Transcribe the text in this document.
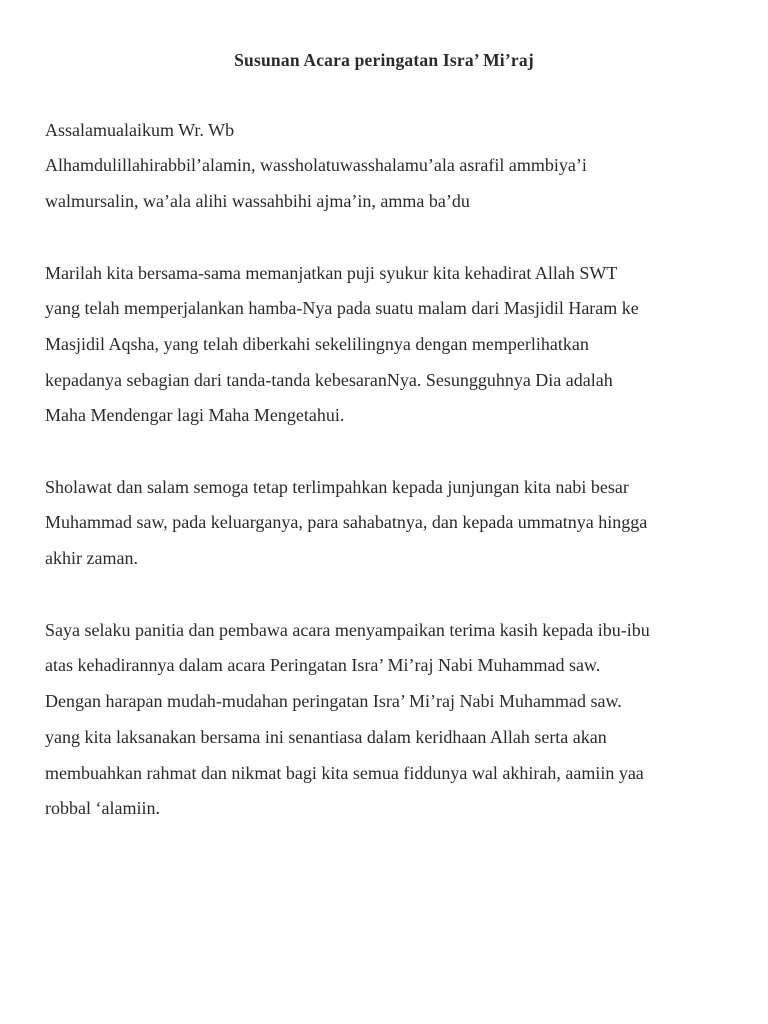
Susunan Acara peringatan Isra’ Mi’raj
Assalamualaikum Wr. Wb
Alhamdulillahirabbil’alamin, wassholatuwasshalamu’ala asrafil ammbiya’i
walmursalin, wa’ala alihi wassahbihi ajma’in, amma ba’du
Marilah kita bersama-sama memanjatkan puji syukur kita kehadirat Allah SWT
yang telah memperjalankan hamba-Nya pada suatu malam dari Masjidil Haram ke
Masjidil Aqsha, yang telah diberkahi sekelilingnya dengan memperlihatkan
kepadanya sebagian dari tanda-tanda kebesaranNya. Sesungguhnya Dia adalah
Maha Mendengar lagi Maha Mengetahui.
Sholawat dan salam semoga tetap terlimpahkan kepada junjungan kita nabi besar
Muhammad saw, pada keluarganya, para sahabatnya, dan kepada ummatnya hingga
akhir zaman.
Saya selaku panitia dan pembawa acara menyampaikan terima kasih kepada ibu-ibu
atas kehadirannya dalam acara Peringatan Isra’ Mi’raj Nabi Muhammad saw.
Dengan harapan mudah-mudahan peringatan Isra’ Mi’raj Nabi Muhammad saw.
yang kita laksanakan bersama ini senantiasa dalam keridhaan Allah serta akan
membuahkan rahmat dan nikmat bagi kita semua fiddunya wal akhirah, aamiin yaa
robbal ‘alamiin.
